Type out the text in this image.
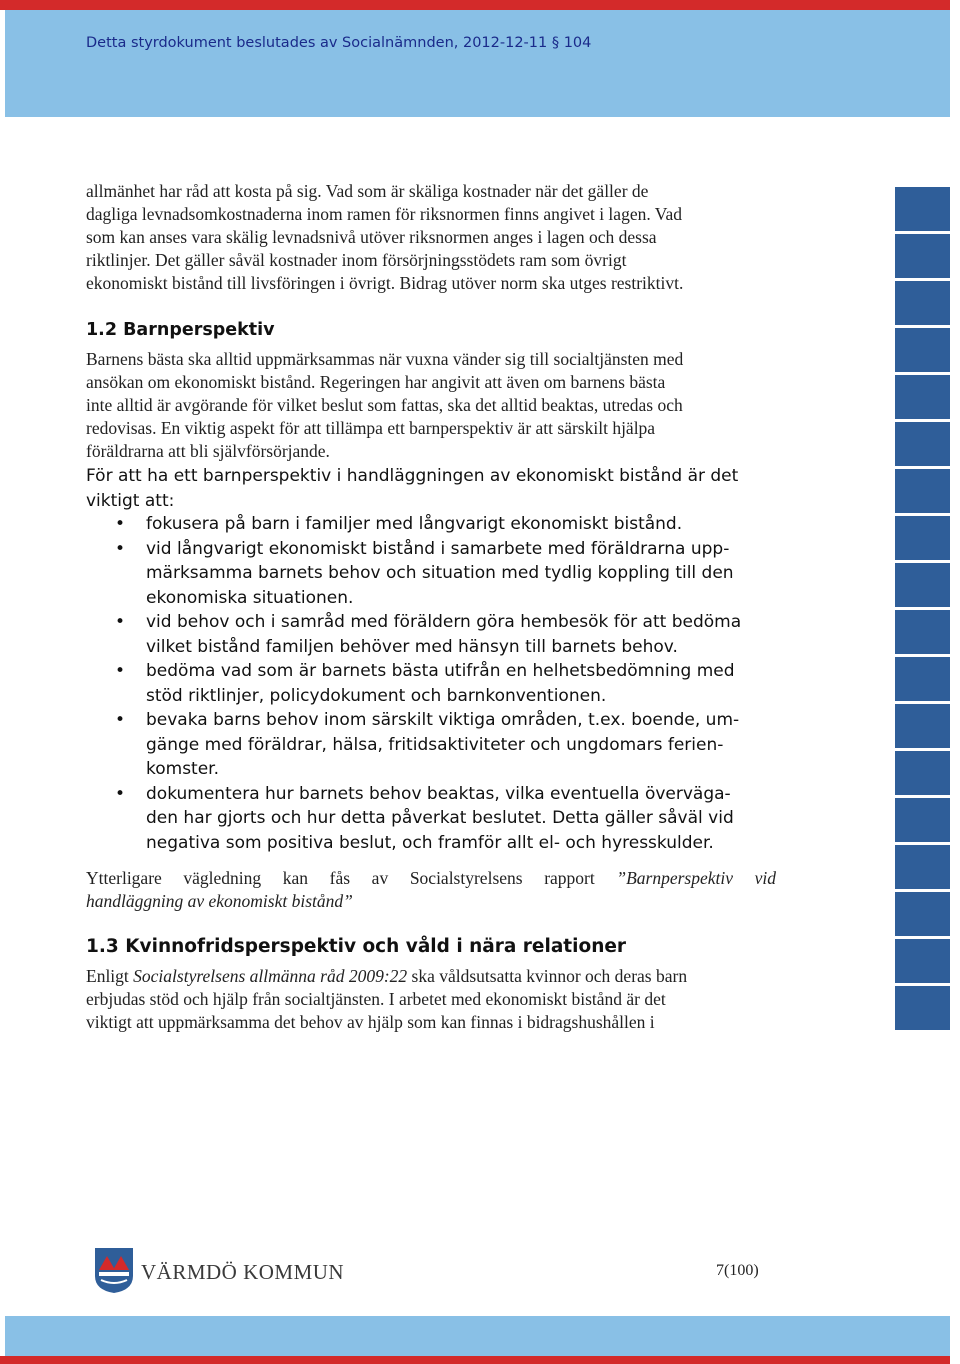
Detta styrdokument beslutades av Socialnämnden, 2012-12-11 § 104

allmänhet har råd att kosta på sig. Vad som är skäliga kostnader när det gäller de

dagliga levnadsomkostnaderna inom ramen för riksnormen finns angivet i lagen. Vad

som kan anses vara skälig levnadsnivå utöver riksnormen anges i lagen och dessa

riktlinjer. Det gäller såväl kostnader inom försörjningsstödets ram som övrigt

ekonomiskt bistånd till livsföringen i övrigt. Bidrag utöver norm ska utges restriktivt.

1.2 Barnperspektiv

Barnens bästa ska alltid uppmärksammas när vuxna vänder sig till socialtjänsten med

ansökan om ekonomiskt bistånd. Regeringen har angivit att även om barnens bästa

inte alltid är avgörande för vilket beslut som fattas, ska det alltid beaktas, utredas och

redovisas. En viktig aspekt för att tillämpa ett barnperspektiv är att särskilt hjälpa

föräldrarna att bli självförsörjande.

För att ha ett barnperspektiv i handläggningen av ekonomiskt bistånd är det

viktigt att:

• fokusera på barn i familjer med långvarigt ekonomiskt bistånd.
• vid långvarigt ekonomiskt bistånd i samarbete med föräldrarna upp-
märksamma barnets behov och situation med tydlig koppling till den
ekonomiska situationen.
• vid behov och i samråd med föräldern göra hembesök för att bedöma
vilket bistånd familjen behöver med hänsyn till barnets behov.
• bedöma vad som är barnets bästa utifrån en helhetsbedömning med
stöd riktlinjer, policydokument och barnkonventionen.
• bevaka barns behov inom särskilt viktiga områden, t.ex. boende, um-
gänge med föräldrar, hälsa, fritidsaktiviteter och ungdomars ferien-
komster.
• dokumentera hur barnets behov beaktas, vilka eventuella överväga-
den har gjorts och hur detta påverkat beslutet. Detta gäller såväl vid
negativa som positiva beslut, och framför allt el- och hyresskulder.

Ytterligare vägledning kan fås av Socialstyrelsens rapport ”Barnperspektiv vid

handläggning av ekonomiskt bistånd”

1.3 Kvinnofridsperspektiv och våld i nära relationer

Enligt Socialstyrelsens allmänna råd 2009:22 ska våldsutsatta kvinnor och deras barn

erbjudas stöd och hjälp från socialtjänsten. I arbetet med ekonomiskt bistånd är det

viktigt att uppmärksamma det behov av hjälp som kan finnas i bidragshushållen i

VÄRMDÖ KOMMUN	7(100)
